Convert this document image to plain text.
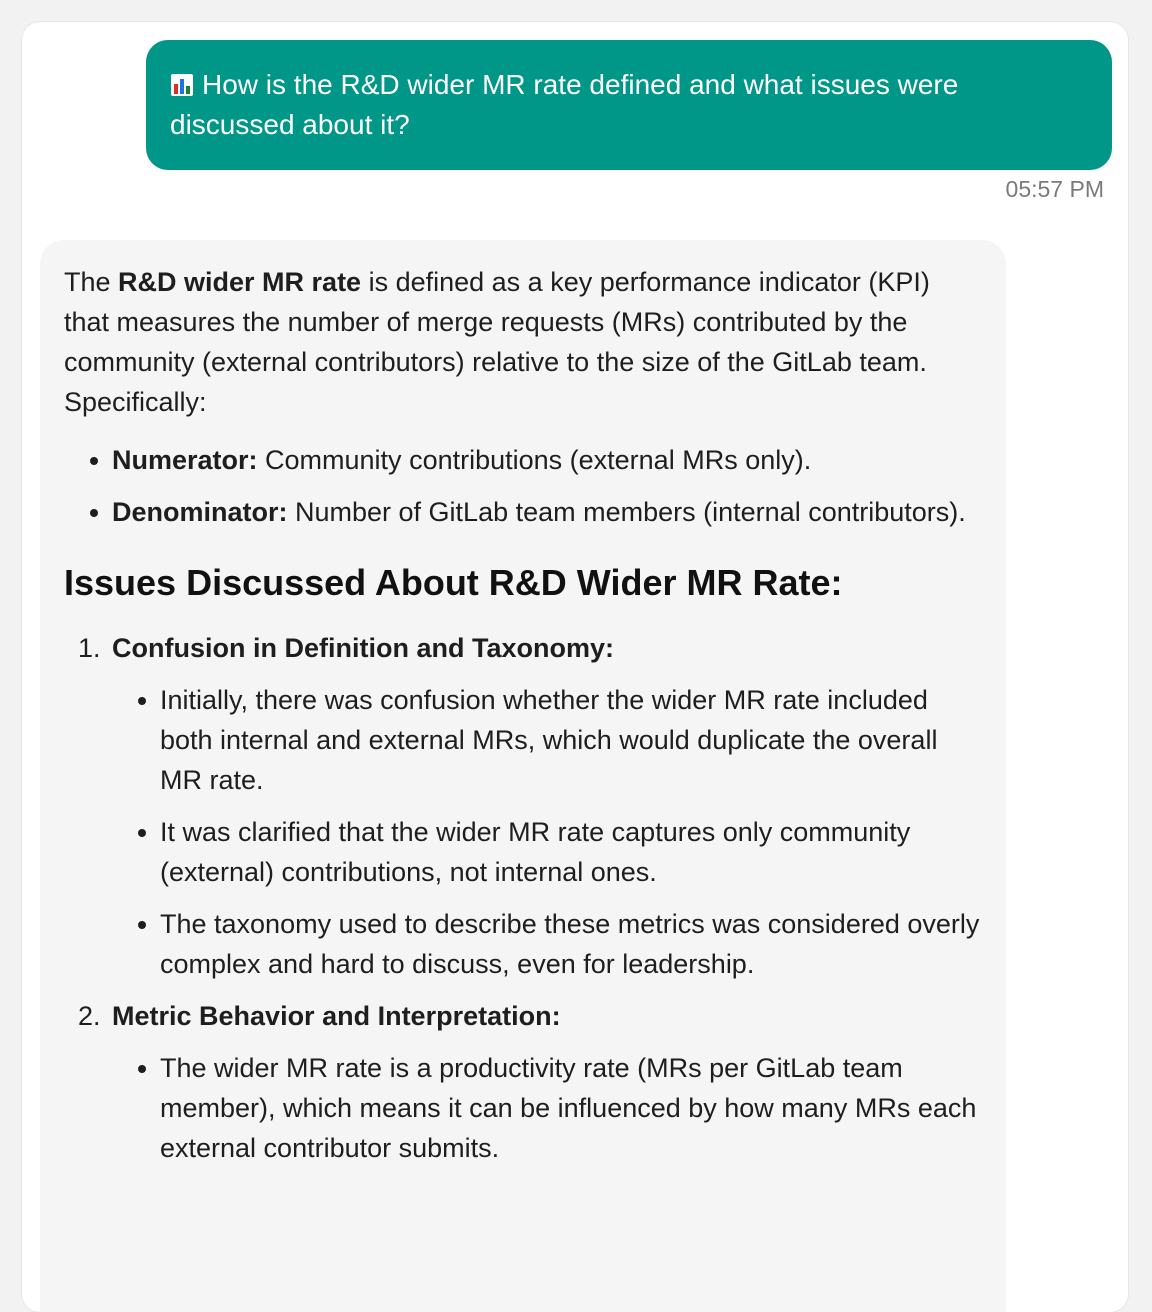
How is the R&D wider MR rate defined and what issues were discussed about it?
05:57 PM

The R&D wider MR rate is defined as a key performance indicator (KPI) that measures the number of merge requests (MRs) contributed by the community (external contributors) relative to the size of the GitLab team. Specifically:

Numerator: Community contributions (external MRs only).
Denominator: Number of GitLab team members (internal contributors).
Issues Discussed About R&D Wider MR Rate:
1. Confusion in Definition and Taxonomy:
Initially, there was confusion whether the wider MR rate included both internal and external MRs, which would duplicate the overall MR rate.
It was clarified that the wider MR rate captures only community (external) contributions, not internal ones.
The taxonomy used to describe these metrics was considered overly complex and hard to discuss, even for leadership.
2. Metric Behavior and Interpretation:
The wider MR rate is a productivity rate (MRs per GitLab team member), which means it can be influenced by how many MRs each external contributor submits.
